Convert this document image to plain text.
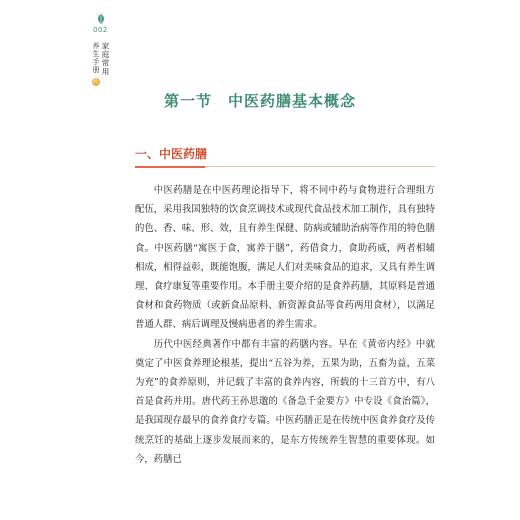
002
家庭常用
养生手册 药膳
第一节　中医药膳基本概念
一、中医药膳

中医药膳是在中医药理论指导下，将不同中药与食物进行合理组方配伍，采用我国独特的饮食烹调技术或现代食品技术加工制作，具有独特的色、香、味、形、效，且有养生保健、防病或辅助治病等作用的特色膳食。中医药膳“寓医于食，寓养于膳”，药借食力，食助药威，两者相辅相成，相得益彰，既能饱腹，满足人们对美味食品的追求，又具有养生调理、食疗康复等重要作用。本手册主要介绍的是食养药膳，其原料是普通食材和食药物质（或新食品原料、新资源食品等食药两用食材），以满足普通人群、病后调理及慢病患者的养生需求。

历代中医经典著作中都有丰富的药膳内容。早在《黄帝内经》中就奠定了中医食养理论根基，提出“五谷为养，五果为助，五畜为益，五菜为充”的食养原则，并记载了丰富的食养内容，所载的十三首方中，有八首是食药并用。唐代药王孙思邈的《备急千金要方》中专设《食治篇》，是我国现存最早的食养食疗专篇。中医药膳正是在传统中医食养食疗及传统烹饪的基础上逐步发展而来的，是东方传统养生智慧的重要体现。如今，药膳已
